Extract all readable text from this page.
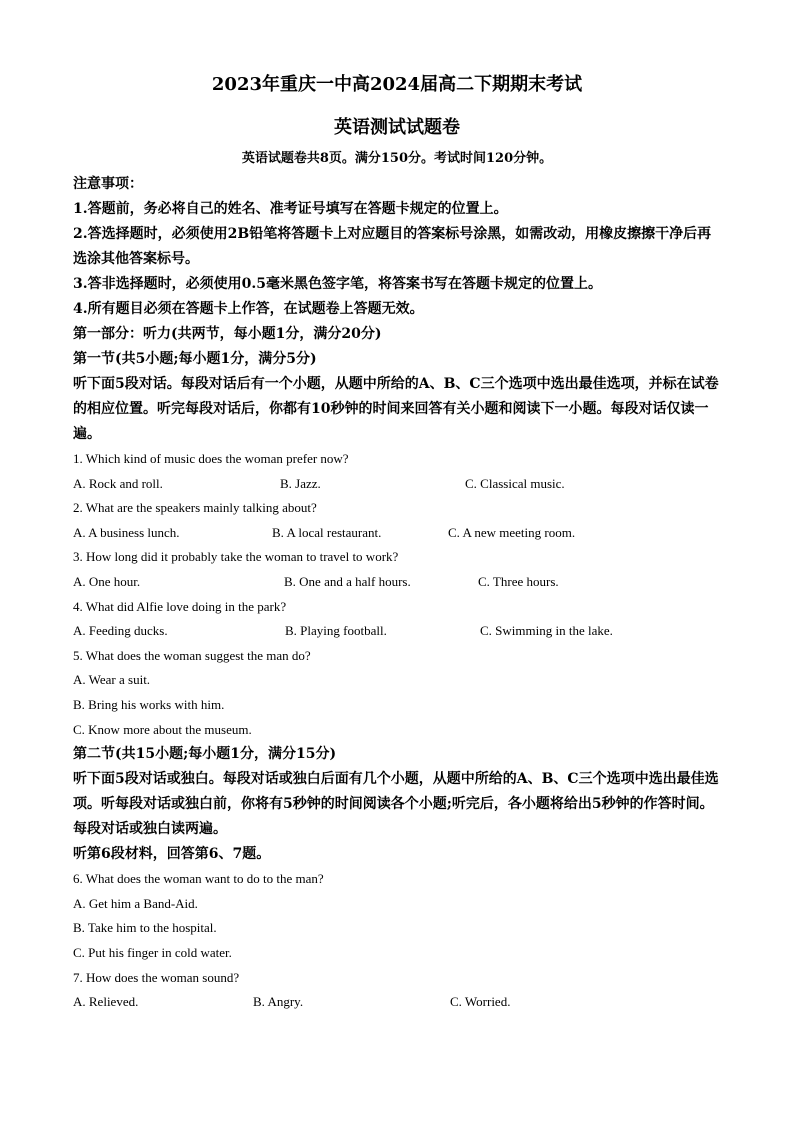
2023年重庆一中高2024届高二下期期末考试
英语测试试题卷
英语试题卷共8页。满分150分。考试时间120分钟。

注意事项：

1.答题前，务必将自己的姓名、准考证号填写在答题卡规定的位置上。

2.答选择题时，必须使用2B铅笔将答题卡上对应题目的答案标号涂黑，如需改动，用橡皮擦擦干净后再选涂其他答案标号。

3.答非选择题时，必须使用0.5毫米黑色签字笔，将答案书写在答题卡规定的位置上。

4.所有题目必须在答题卡上作答，在试题卷上答题无效。

第一部分：听力(共两节，每小题1分，满分20分)

第一节(共5小题;每小题1分，满分5分)

听下面5段对话。每段对话后有一个小题，从题中所给的A、B、C三个选项中选出最佳选项，并标在试卷的相应位置。听完每段对话后，你都有10秒钟的时间来回答有关小题和阅读下一小题。每段对话仅读一遍。

1. Which kind of music does the woman prefer now?

A. Rock and roll.	B. Jazz.	C. Classical music.

2. What are the speakers mainly talking about?

A. A business lunch.	B. A local restaurant.	C. A new meeting room.

3. How long did it probably take the woman to travel to work?

A. One hour.	B. One and a half hours.	C. Three hours.

4. What did Alfie love doing in the park?

A. Feeding ducks.	B. Playing football.	C. Swimming in the lake.

5. What does the woman suggest the man do?

A. Wear a suit.

B. Bring his works with him.

C. Know more about the museum.

第二节(共15小题;每小题1分，满分15分)

听下面5段对话或独白。每段对话或独白后面有几个小题，从题中所给的A、B、C三个选项中选出最佳选项。听每段对话或独白前，你将有5秒钟的时间阅读各个小题;听完后，各小题将给出5秒钟的作答时间。每段对话或独白读两遍。

听第6段材料，回答第6、7题。

6. What does the woman want to do to the man?

A. Get him a Band-Aid.

B. Take him to the hospital.

C. Put his finger in cold water.

7. How does the woman sound?

A. Relieved.	B. Angry.	C. Worried.
